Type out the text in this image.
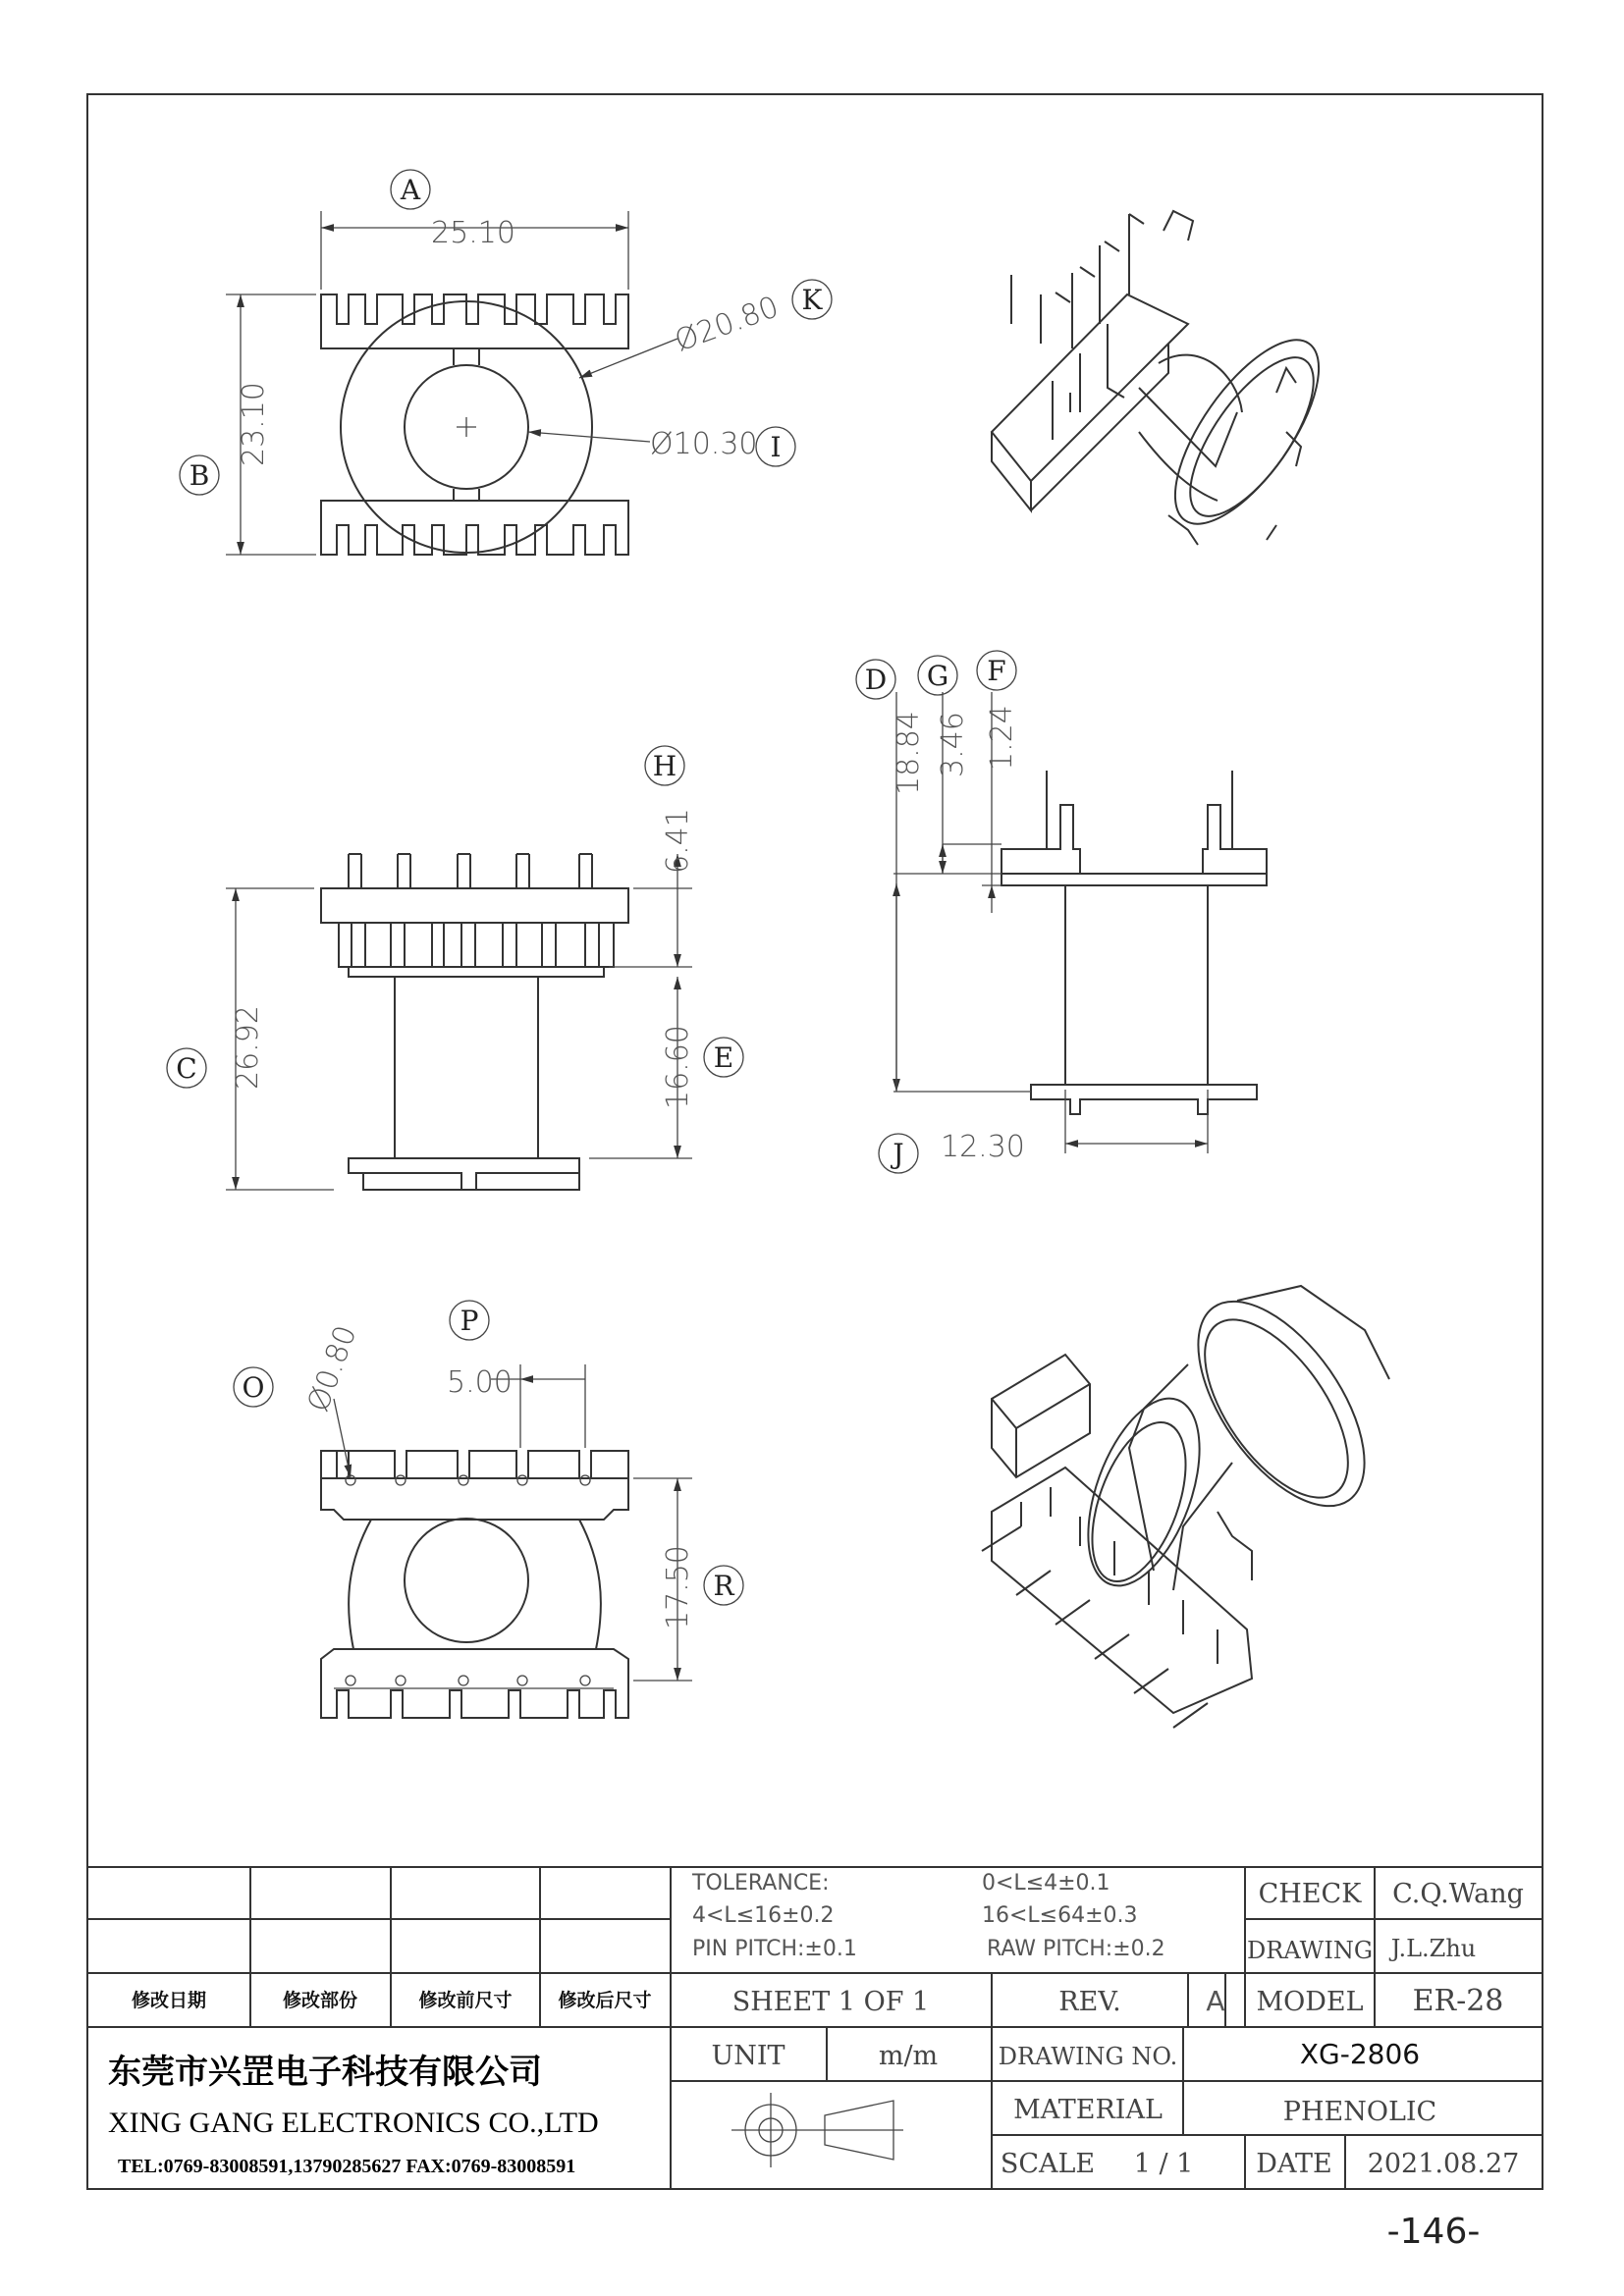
A
25.10
B
23.10
K
Ø20.80
I
Ø10.30
H
6.41
C 26.92	E
16.60
D
18.84
G
3.46
F
1.24
J 12.30
P
5.00
O Ø0.80
R
17.50
修改日期	修改部份	修改前尺寸 修改后尺寸
TOLERANCE:	0<L≤4±0.1
4<L≤16±0.2	16<L≤64±0.3
PIN PITCH:±0.1	RAW PITCH:±0.2
CHECK C.Q.Wang
DRAWING J.L.Zhu
SHEET 1 OF 1	REV.	A MODEL ER-28
UNIT	m/m	DRAWING NO.	XG-2806
MATERIAL	PHENOLIC
SCALE 1 / 1 DATE 2021.08.27
东莞市兴罡电子科技有限公司
XING GANG ELECTRONICS CO.,LTD
TEL:0769-83008591,13790285627 FAX:0769-83008591
-146-
